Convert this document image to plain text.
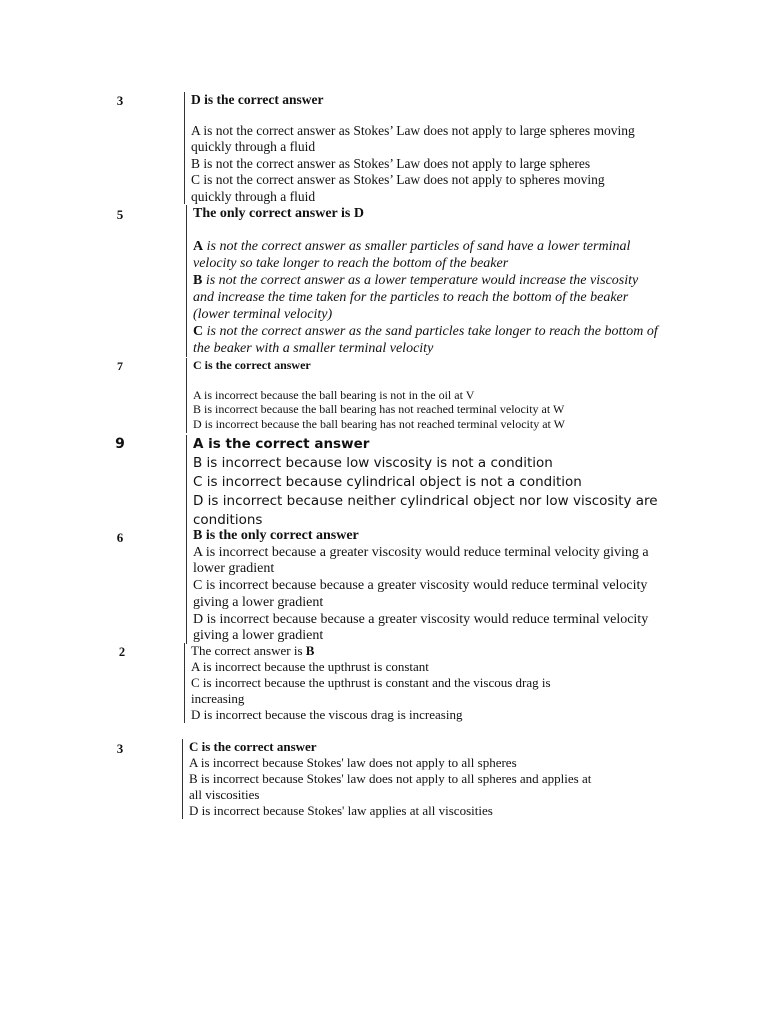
3	D is the correct answer
A is not the correct answer as Stokes’ Law does not apply to large spheres moving
quickly through a fluid
B is not the correct answer as Stokes’ Law does not apply to large spheres
C is not the correct answer as Stokes’ Law does not apply to spheres moving
quickly through a fluid
5	The only correct answer is D
A is not the correct answer as smaller particles of sand have a lower terminal
velocity so take longer to reach the bottom of the beaker
B is not the correct answer as a lower temperature would increase the viscosity
and increase the time taken for the particles to reach the bottom of the beaker
(lower terminal velocity)
C is not the correct answer as the sand particles take longer to reach the bottom of
the beaker with a smaller terminal velocity
7	C is the correct answer
A is incorrect because the ball bearing is not in the oil at V
B is incorrect because the ball bearing has not reached terminal velocity at W
D is incorrect because the ball bearing has not reached terminal velocity at W
9	A is the correct answer
B is incorrect because low viscosity is not a condition
C is incorrect because cylindrical object is not a condition
D is incorrect because neither cylindrical object nor low viscosity are
conditions
6	B is the only correct answer
A is incorrect because a greater viscosity would reduce terminal velocity giving a
lower gradient
C is incorrect because because a greater viscosity would reduce terminal velocity
giving a lower gradient
D is incorrect because because a greater viscosity would reduce terminal velocity
giving a lower gradient
2	The correct answer is B
A is incorrect because the upthrust is constant
C is incorrect because the upthrust is constant and the viscous drag is
increasing
D is incorrect because the viscous drag is increasing
3	C is the correct answer
A is incorrect because Stokes' law does not apply to all spheres
B is incorrect because Stokes' law does not apply to all spheres and applies at
all viscosities
D is incorrect because Stokes' law applies at all viscosities
